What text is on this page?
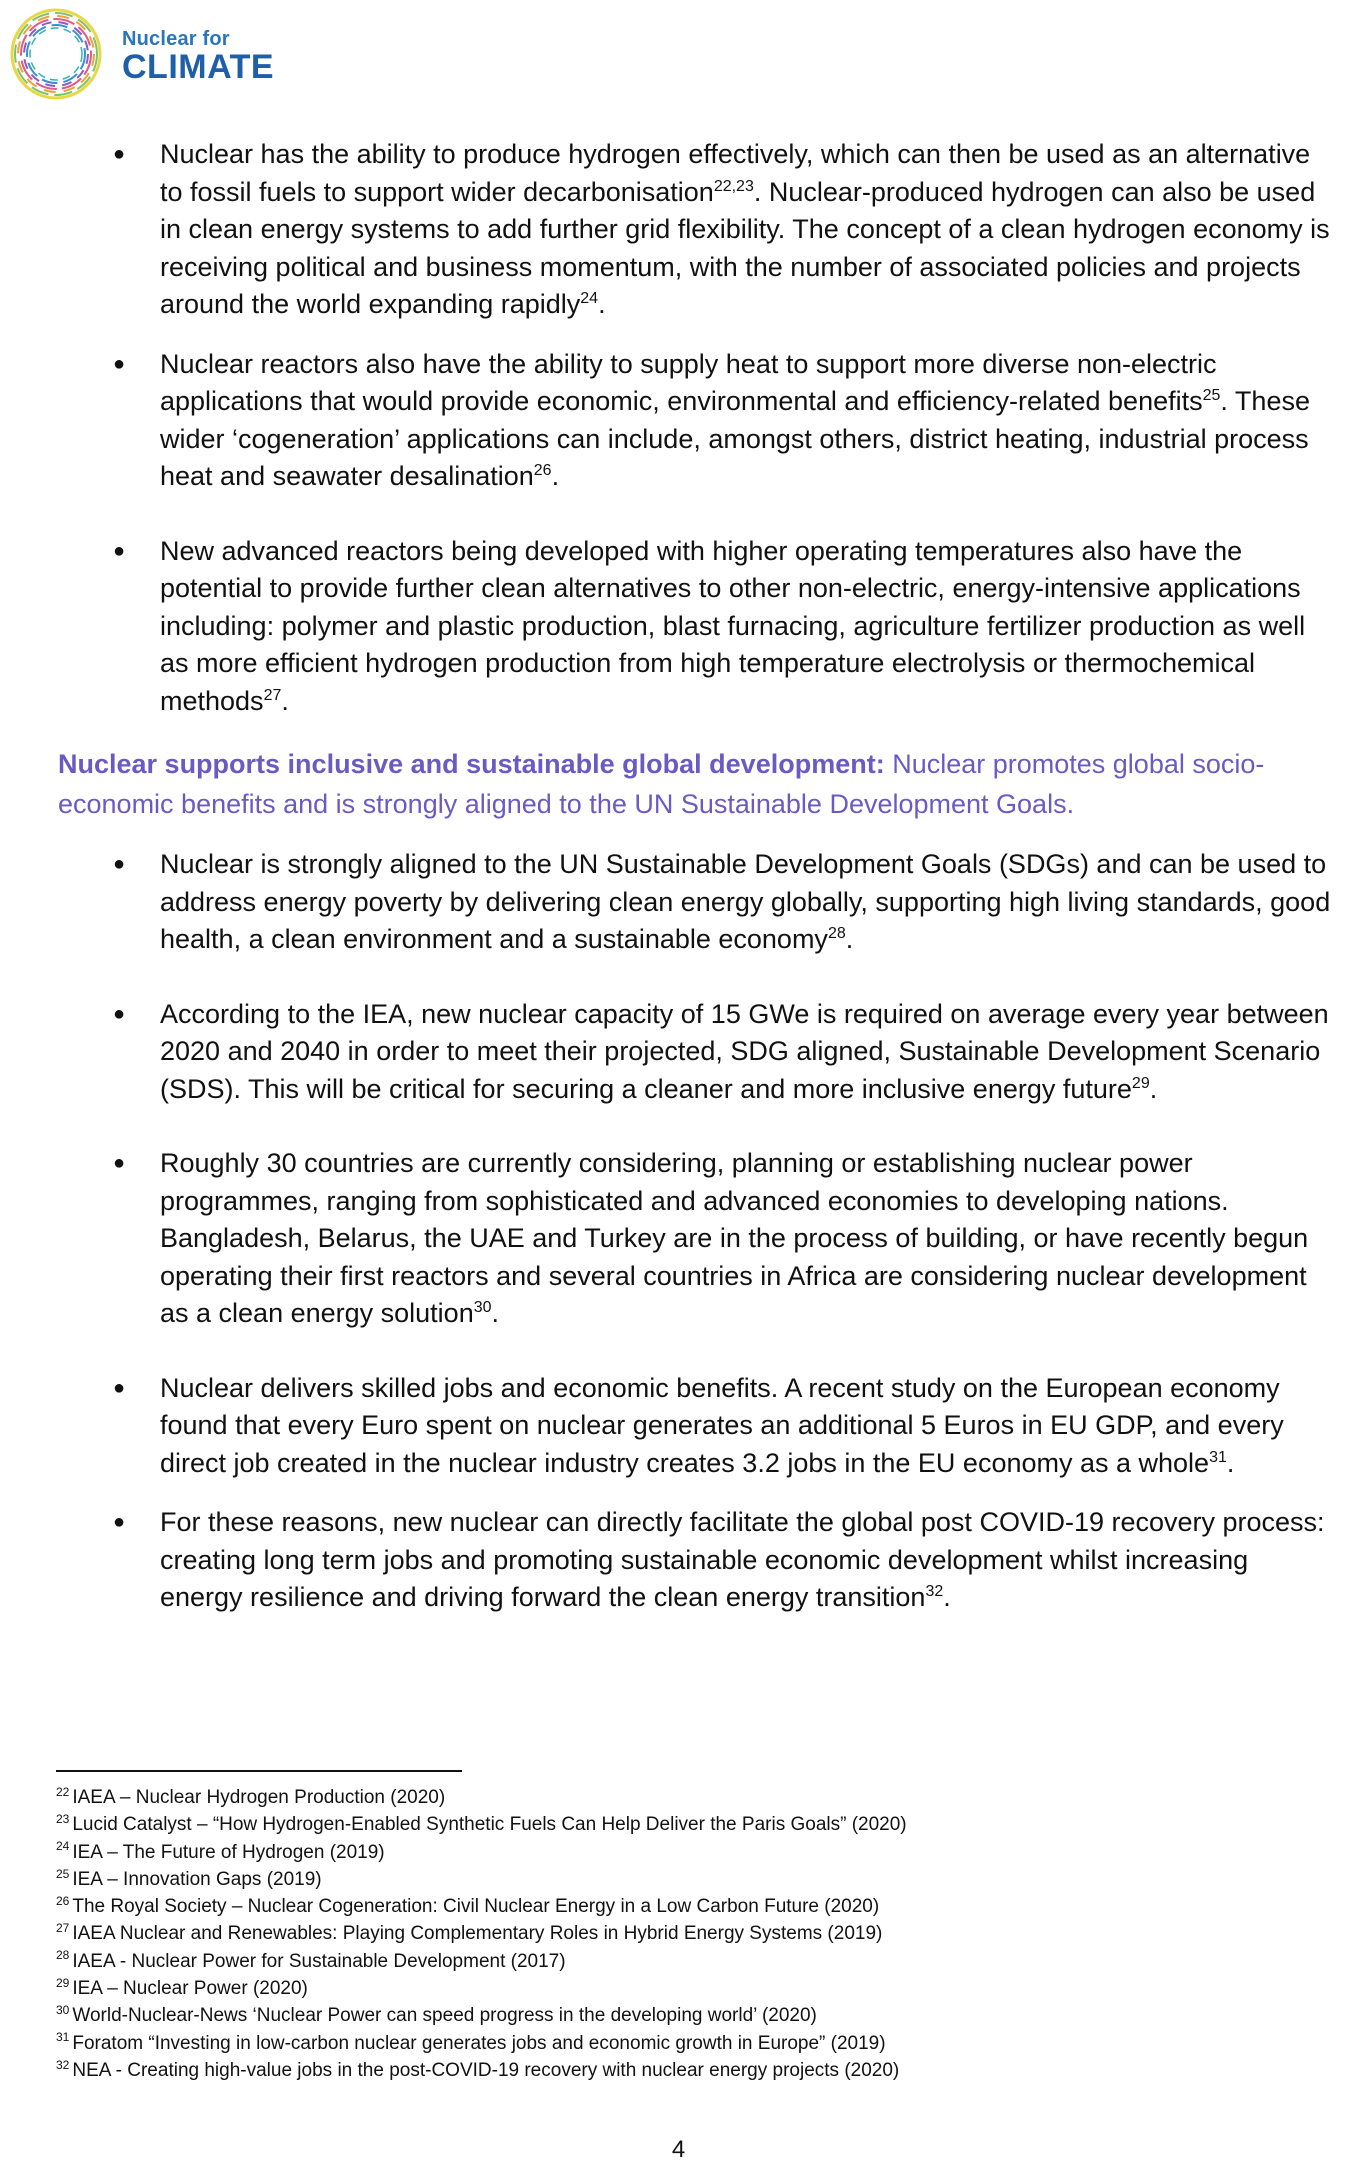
Nuclear for
CLIMATE
● Nuclear has the ability to produce hydrogen effectively, which can then be used as an alternative to fossil fuels to support wider decarbonisation$^{22,23}$. Nuclear-produced hydrogen can also be used in clean energy systems to add further grid flexibility. The concept of a clean hydrogen economy is receiving political and business momentum, with the number of associated policies and projects around the world expanding rapidly$^{24}$.
● Nuclear reactors also have the ability to supply heat to support more diverse non-electric applications that would provide economic, environmental and efficiency-related benefits$^{25}$. These wider ‘cogeneration’ applications can include, amongst others, district heating, industrial process heat and seawater desalination$^{26}$.
● New advanced reactors being developed with higher operating temperatures also have the potential to provide further clean alternatives to other non-electric, energy-intensive applications including: polymer and plastic production, blast furnacing, agriculture fertilizer production as well as more efficient hydrogen production from high temperature electrolysis or thermochemical methods$^{27}$.
Nuclear supports inclusive and sustainable global development: Nuclear promotes global socio-economic benefits and is strongly aligned to the UN Sustainable Development Goals.
● Nuclear is strongly aligned to the UN Sustainable Development Goals (SDGs) and can be used to address energy poverty by delivering clean energy globally, supporting high living standards, good health, a clean environment and a sustainable economy$^{28}$.
● According to the IEA, new nuclear capacity of 15 GWe is required on average every year between 2020 and 2040 in order to meet their projected, SDG aligned, Sustainable Development Scenario (SDS). This will be critical for securing a cleaner and more inclusive energy future$^{29}$.
● Roughly 30 countries are currently considering, planning or establishing nuclear power programmes, ranging from sophisticated and advanced economies to developing nations. Bangladesh, Belarus, the UAE and Turkey are in the process of building, or have recently begun operating their first reactors and several countries in Africa are considering nuclear development as a clean energy solution$^{30}$.
● Nuclear delivers skilled jobs and economic benefits. A recent study on the European economy found that every Euro spent on nuclear generates an additional 5 Euros in EU GDP, and every direct job created in the nuclear industry creates 3.2 jobs in the EU economy as a whole$^{31}$.
● For these reasons, new nuclear can directly facilitate the global post COVID-19 recovery process: creating long term jobs and promoting sustainable economic development whilst increasing energy resilience and driving forward the clean energy transition$^{32}$.
$^{22}$ IAEA – Nuclear Hydrogen Production (2020)
$^{23}$ Lucid Catalyst – “How Hydrogen-Enabled Synthetic Fuels Can Help Deliver the Paris Goals” (2020)
$^{24}$ IEA – The Future of Hydrogen (2019)
$^{25}$ IEA – Innovation Gaps (2019)
$^{26}$ The Royal Society – Nuclear Cogeneration: Civil Nuclear Energy in a Low Carbon Future (2020)
$^{27}$ IAEA Nuclear and Renewables: Playing Complementary Roles in Hybrid Energy Systems (2019)
$^{28}$ IAEA - Nuclear Power for Sustainable Development (2017)
$^{29}$ IEA – Nuclear Power (2020)
$^{30}$ World-Nuclear-News ‘Nuclear Power can speed progress in the developing world’ (2020)
$^{31}$ Foratom “Investing in low-carbon nuclear generates jobs and economic growth in Europe” (2019)
$^{32}$ NEA - Creating high-value jobs in the post-COVID-19 recovery with nuclear energy projects (2020)
4
